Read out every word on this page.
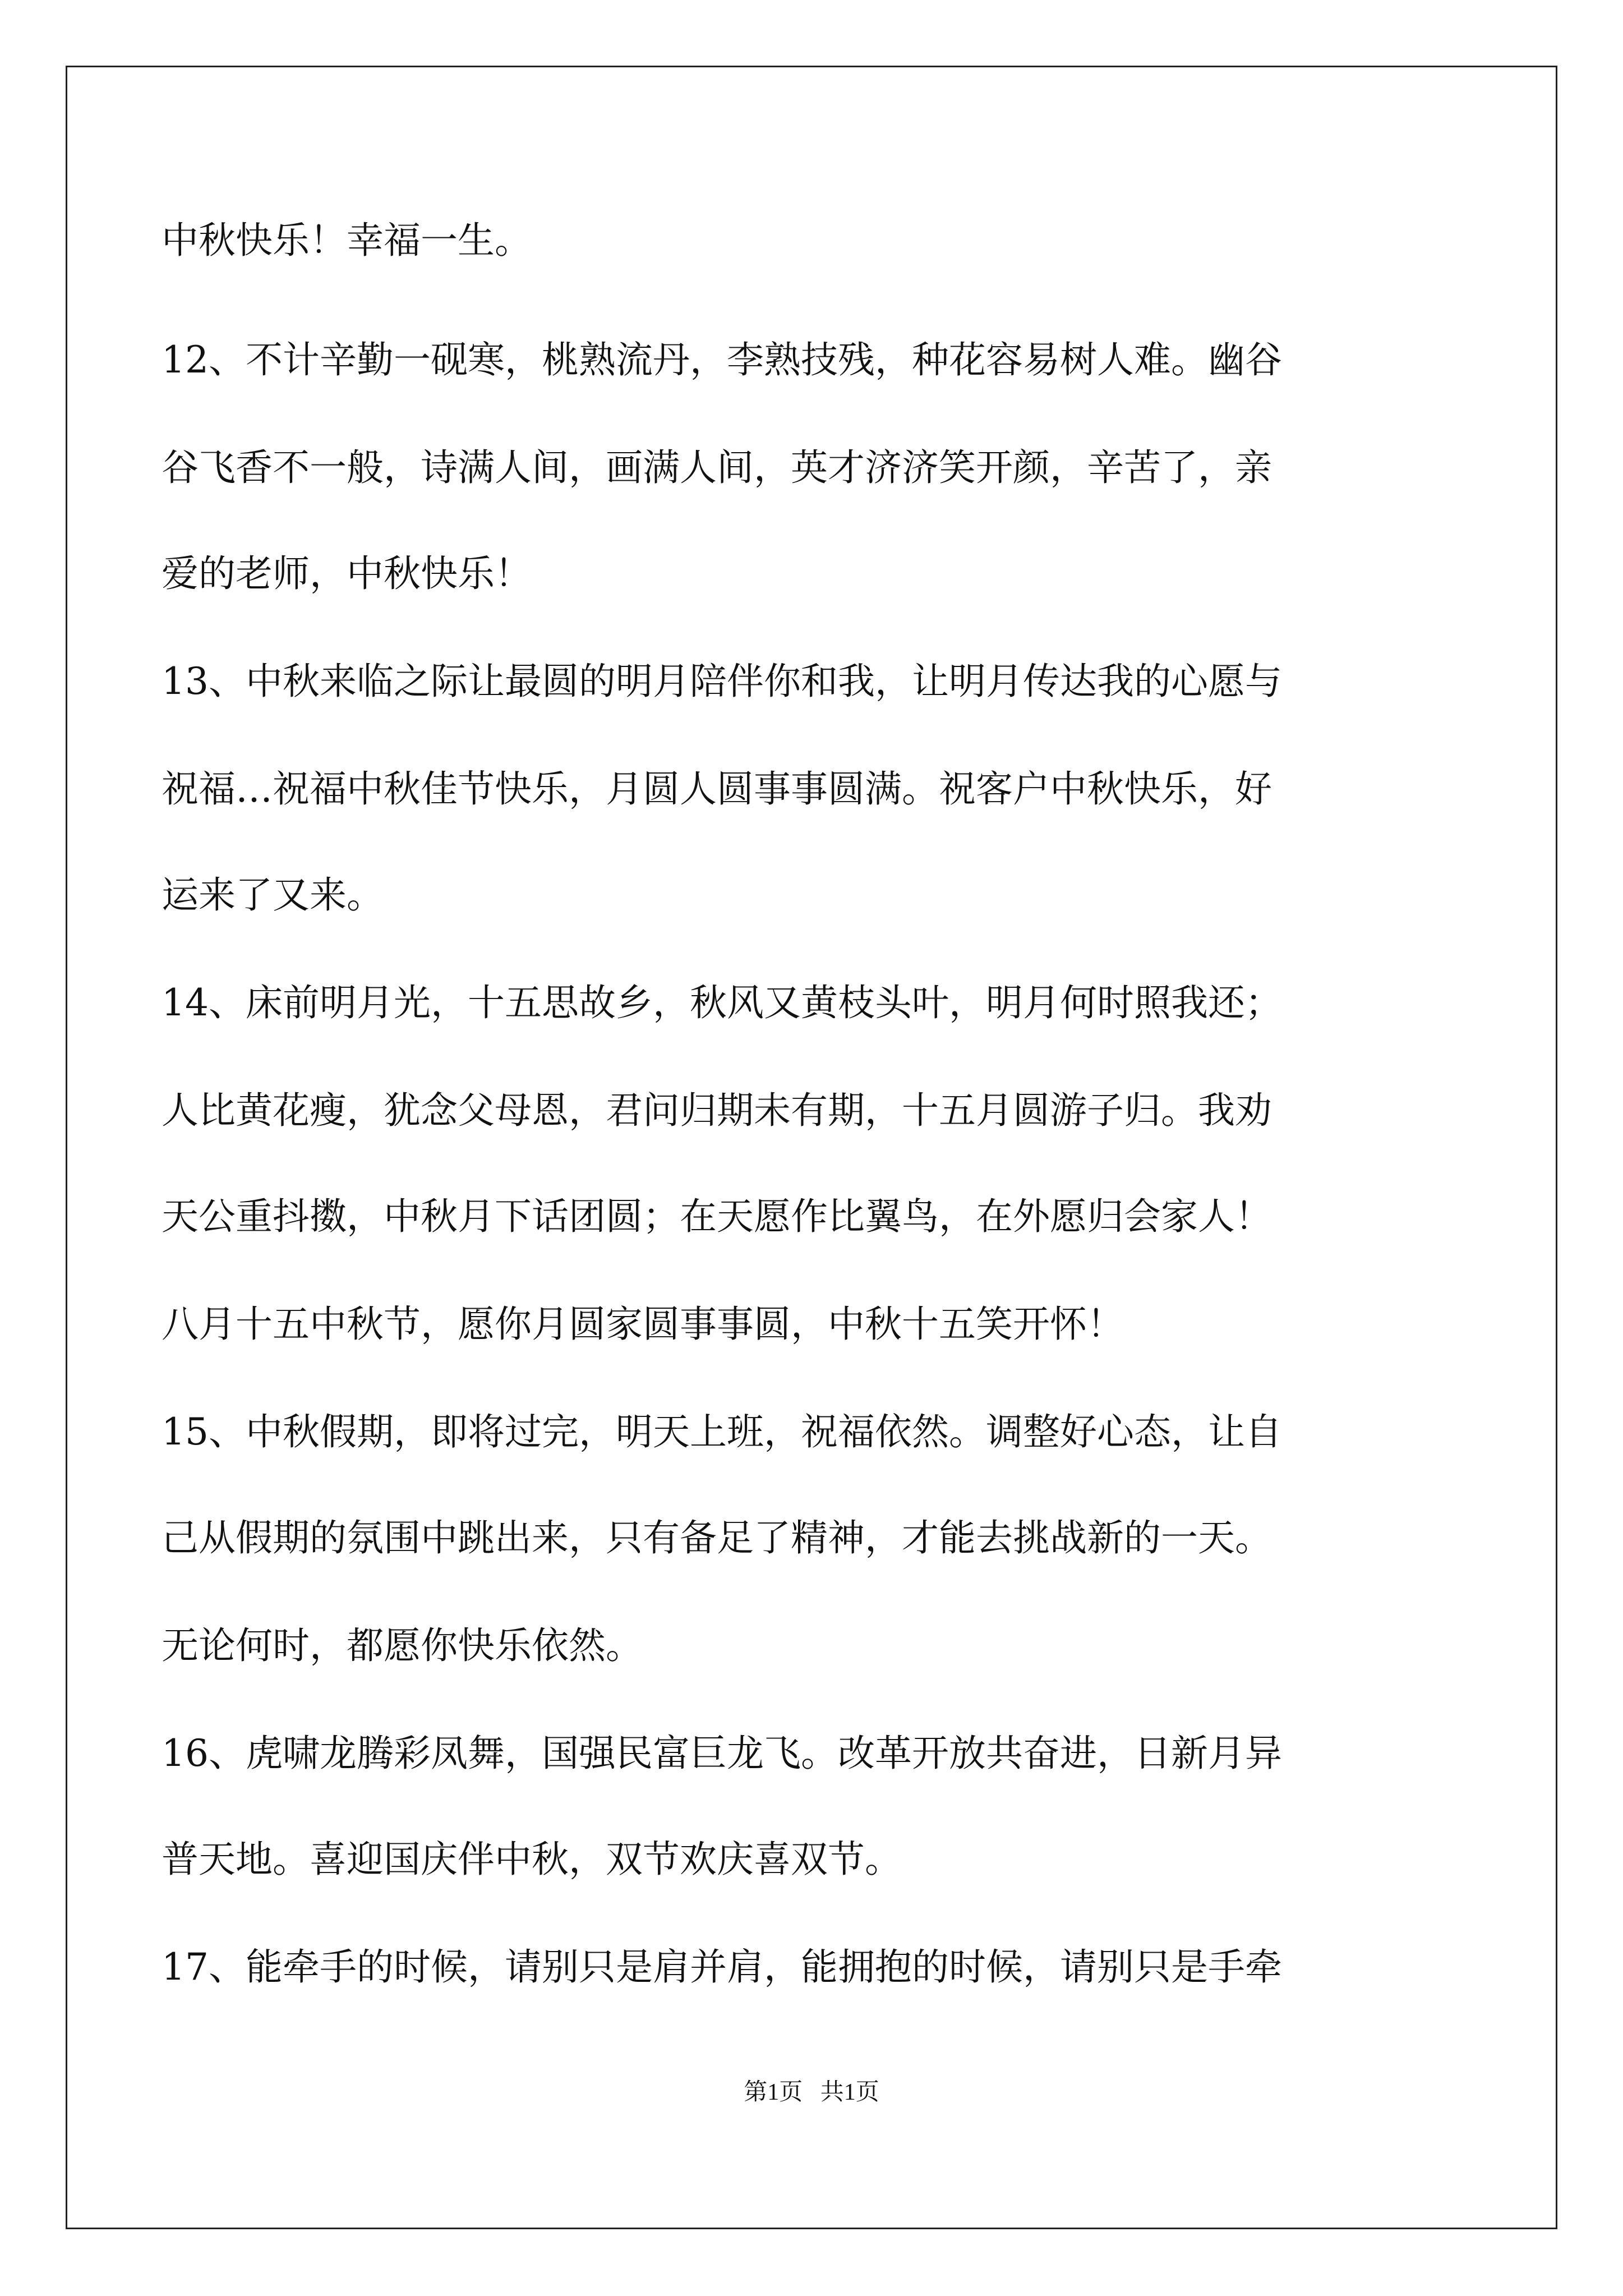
中秋快乐！幸福一生。
12、不计辛勤一砚寒，桃熟流丹，李熟技残，种花容易树人难。幽谷
谷飞香不一般，诗满人间，画满人间，英才济济笑开颜，辛苦了，亲
爱的老师，中秋快乐！
13、中秋来临之际让最圆的明月陪伴你和我，让明月传达我的心愿与
祝福…祝福中秋佳节快乐，月圆人圆事事圆满。祝客户中秋快乐，好
运来了又来。
14、床前明月光，十五思故乡，秋风又黄枝头叶，明月何时照我还；
人比黄花瘦，犹念父母恩，君问归期未有期，十五月圆游子归。我劝
天公重抖擞，中秋月下话团圆；在天愿作比翼鸟，在外愿归会家人！
八月十五中秋节，愿你月圆家圆事事圆，中秋十五笑开怀！
15、中秋假期，即将过完，明天上班，祝福依然。调整好心态，让自
己从假期的氛围中跳出来，只有备足了精神，才能去挑战新的一天。
无论何时，都愿你快乐依然。
16、虎啸龙腾彩凤舞，国强民富巨龙飞。改革开放共奋进，日新月异
普天地。喜迎国庆伴中秋，双节欢庆喜双节。
17、能牵手的时候，请别只是肩并肩，能拥抱的时候，请别只是手牵
第1页 共1页
